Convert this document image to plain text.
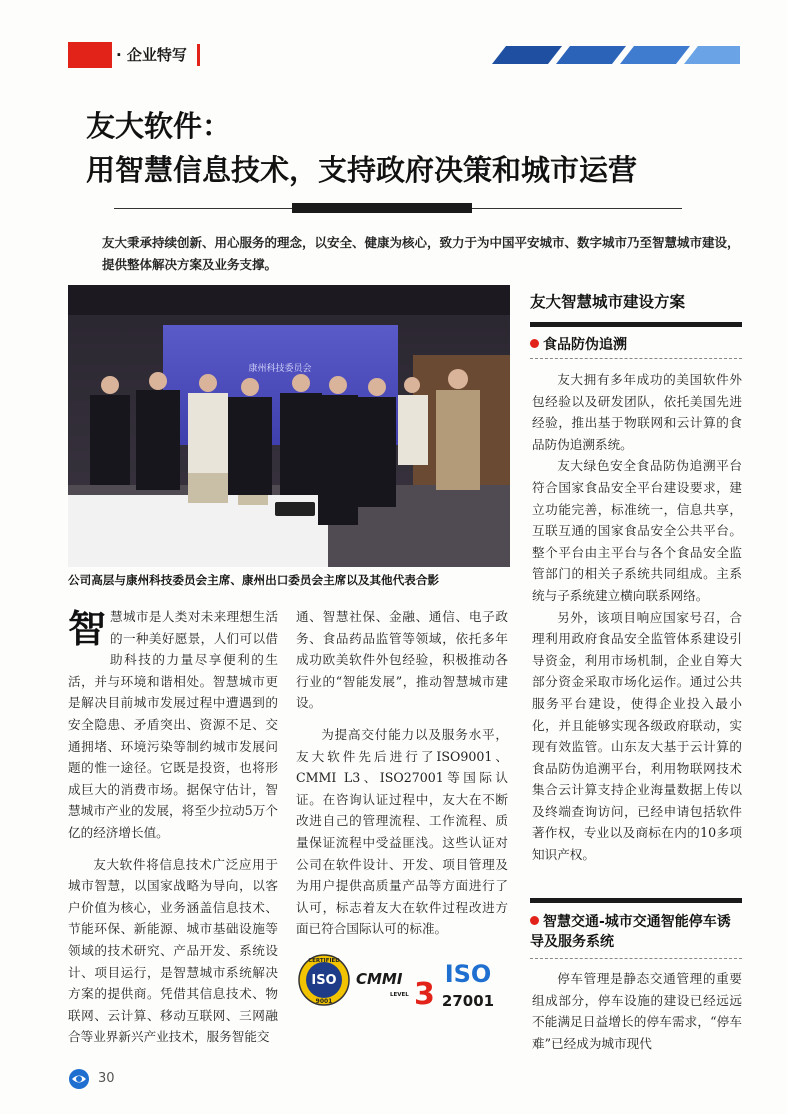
· 企业特写
友大软件：
用智慧信息技术，支持政府决策和城市运营
友大秉承持续创新、用心服务的理念，以安全、健康为核心，致力于为中国平安城市、数字城市乃至智慧城市建设，提供整体解决方案及业务支撑。
康州科技委员会
公司高层与康州科技委员会主席、康州出口委员会主席以及其他代表合影

智慧城市是人类对未来理想生活的一种美好愿景，人们可以借助科技的力量尽享便利的生活，并与环境和谐相处。智慧城市更是解决目前城市发展过程中遭遇到的安全隐患、矛盾突出、资源不足、交通拥堵、环境污染等制约城市发展问题的惟一途径。它既是投资，也将形成巨大的消费市场。据保守估计，智慧城市产业的发展，将至少拉动5万个亿的经济增长值。

友大软件将信息技术广泛应用于城市智慧，以国家战略为导向，以客户价值为核心，业务涵盖信息技术、节能环保、新能源、城市基础设施等领域的技术研究、产品开发、系统设计、项目运行，是智慧城市系统解决方案的提供商。凭借其信息技术、物联网、云计算、移动互联网、三网融合等业界新兴产业技术，服务智能交

通、智慧社保、金融、通信、电子政务、食品药品监管等领域，依托多年成功欧美软件外包经验，积极推动各行业的“智能发展”，推动智慧城市建设。

为提高交付能力以及服务水平，友大软件先后进行了ISO9001、CMMI L3、ISO27001等国际认证。在咨询认证过程中，友大在不断改进自己的管理流程、工作流程、质量保证流程中受益匪浅。这些认证对公司在软件设计、开发、项目管理及为用户提供高质量产品等方面进行了认可，标志着友大在软件过程改进方面已符合国际认可的标准。

CERTIFIED
ISO
9001
CMMI
LEVEL 3
ISO
27001
友大智慧城市建设方案
食品防伪追溯

友大拥有多年成功的美国软件外包经验以及研发团队，依托美国先进经验，推出基于物联网和云计算的食品防伪追溯系统。

友大绿色安全食品防伪追溯平台符合国家食品安全平台建设要求，建立功能完善，标准统一，信息共享，互联互通的国家食品安全公共平台。整个平台由主平台与各个食品安全监管部门的相关子系统共同组成。主系统与子系统建立横向联系网络。

另外，该项目响应国家号召，合理利用政府食品安全监管体系建设引导资金，利用市场机制，企业自筹大部分资金采取市场化运作。通过公共服务平台建设，使得企业投入最小化，并且能够实现各级政府联动，实现有效监管。山东友大基于云计算的食品防伪追溯平台，利用物联网技术集合云计算支持企业海量数据上传以及终端查询访问，已经申请包括软件著作权，专业以及商标在内的10多项知识产权。

智慧交通-城市交通智能停车诱导及服务系统

停车管理是静态交通管理的重要组成部分，停车设施的建设已经远远不能满足日益增长的停车需求，“停车难”已经成为城市现代

30
